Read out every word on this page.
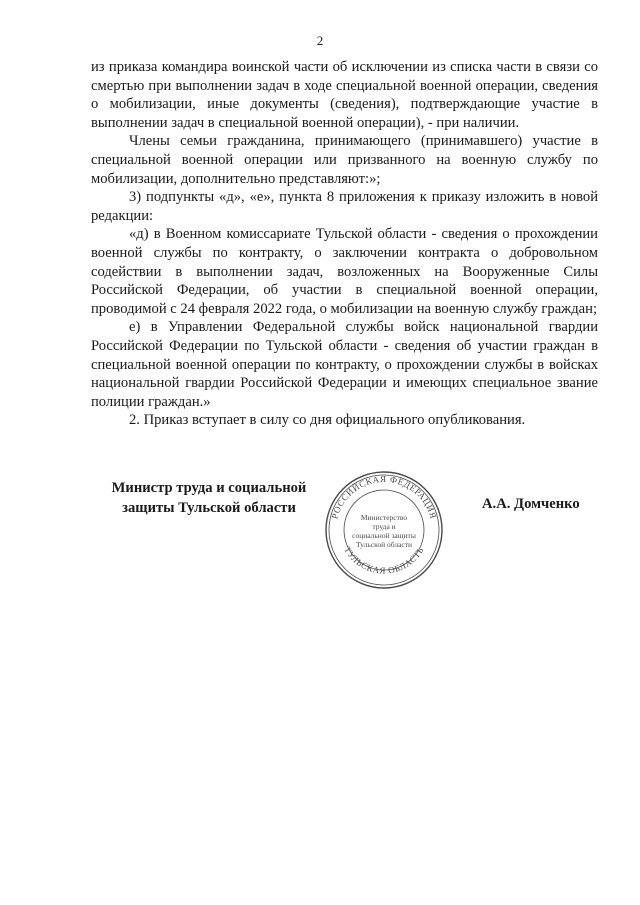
2

из приказа командира воинской части об исключении из списка части в связи со смертью при выполнении задач в ходе специальной военной операции, сведения о мобилизации, иные документы (сведения), подтверждающие участие в выполнении задач в специальной военной операции), - при наличии.

Члены семьи гражданина, принимающего (принимавшего) участие в специальной военной операции или призванного на военную службу по мобилизации, дополнительно представляют:»;

3) подпункты «д», «е», пункта 8 приложения к приказу изложить в новой редакции:

«д) в Военном комиссариате Тульской области - сведения о прохождении военной службы по контракту, о заключении контракта о добровольном содействии в выполнении задач, возложенных на Вооруженные Силы Российской Федерации, об участии в специальной военной операции, проводимой с 24 февраля 2022 года, о мобилизации на военную службу граждан;

е) в Управлении Федеральной службы войск национальной гвардии Российской Федерации по Тульской области - сведения об участии граждан в специальной военной операции по контракту, о прохождении службы в войсках национальной гвардии Российской Федерации и имеющих специальное звание полиции граждан.»

2. Приказ вступает в силу со дня официального опубликования.

Министр труда и социальной
защиты Тульской области	РОССИЙСКАЯ ФЕДЕРАЦИЯ
ТУЛЬСКАЯ ОБЛАСТЬ
Министерство
труда и
социальной защиты
Тульской области
А.А. Домченко
